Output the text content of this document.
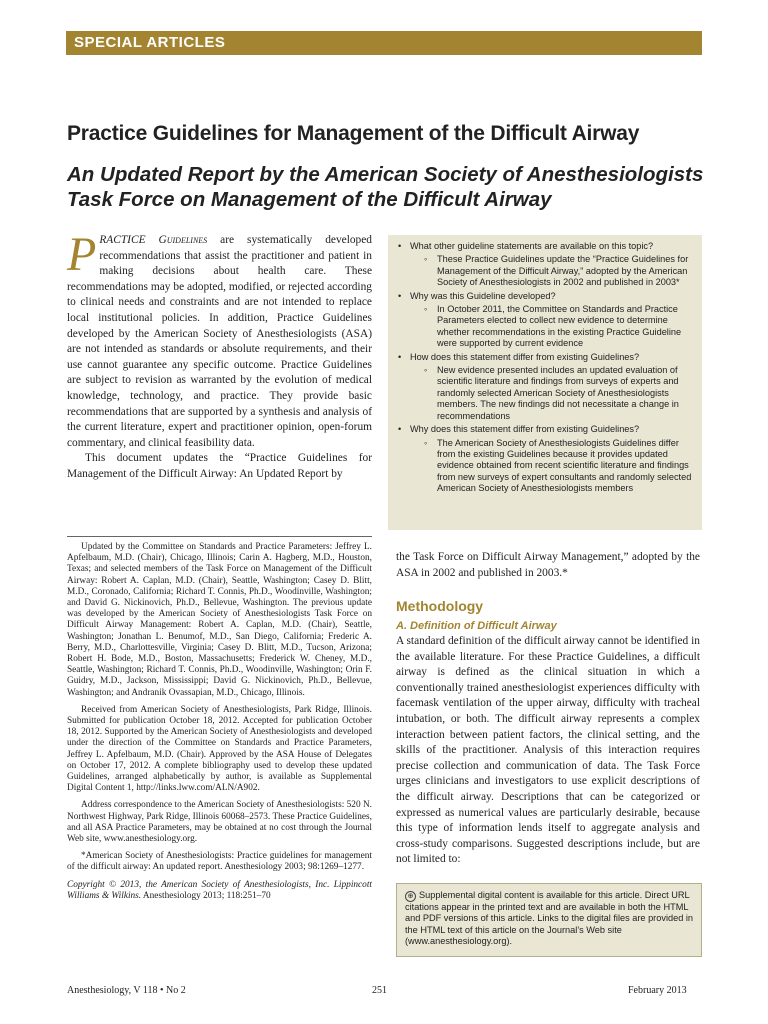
SPECIAL ARTICLES
Practice Guidelines for Management of the Difficult Airway
An Updated Report by the American Society of Anesthesiologists
Task Force on Management of the Difficult Airway

PRACTICE Guidelines are systematically developed recommendations that assist the practitioner and patient in making decisions about health care. These recommendations may be adopted, modified, or rejected according to clinical needs and constraints and are not intended to replace local institutional policies. In addition, Practice Guidelines developed by the American Society of Anesthesiologists (ASA) are not intended as standards or absolute requirements, and their use cannot guarantee any specific outcome. Practice Guidelines are subject to revision as warranted by the evolution of medical knowledge, technology, and practice. They provide basic recommendations that are supported by a synthesis and analysis of the current literature, expert and practitioner opinion, open-forum commentary, and clinical feasibility data.

This document updates the “Practice Guidelines for Management of the Difficult Airway: An Updated Report by

Updated by the Committee on Standards and Practice Parameters: Jeffrey L. Apfelbaum, M.D. (Chair), Chicago, Illinois; Carin A. Hagberg, M.D., Houston, Texas; and selected members of the Task Force on Management of the Difficult Airway: Robert A. Caplan, M.D. (Chair), Seattle, Washington; Casey D. Blitt, M.D., Coronado, California; Richard T. Connis, Ph.D., Woodinville, Washington; and David G. Nickinovich, Ph.D., Bellevue, Washington. The previous update was developed by the American Society of Anesthesiologists Task Force on Difficult Airway Management: Robert A. Caplan, M.D. (Chair), Seattle, Washington; Jonathan L. Benumof, M.D., San Diego, California; Frederic A. Berry, M.D., Charlottesville, Virginia; Casey D. Blitt, M.D., Tucson, Arizona; Robert H. Bode, M.D., Boston, Massachusetts; Frederick W. Cheney, M.D., Seattle, Washington; Richard T. Connis, Ph.D., Woodinville, Washington; Orin F. Guidry, M.D., Jackson, Mississippi; David G. Nickinovich, Ph.D., Bellevue, Washington; and Andranik Ovassapian, M.D., Chicago, Illinois.

Received from American Society of Anesthesiologists, Park Ridge, Illinois. Submitted for publication October 18, 2012. Accepted for publication October 18, 2012. Supported by the American Society of Anesthesiologists and developed under the direction of the Committee on Standards and Practice Parameters, Jeffrey L. Apfelbaum, M.D. (Chair). Approved by the ASA House of Delegates on October 17, 2012. A complete bibliography used to develop these updated Guidelines, arranged alphabetically by author, is available as Supplemental Digital Content 1, http://links.lww.com/ALN/A902.

Address correspondence to the American Society of Anesthesiologists: 520 N. Northwest Highway, Park Ridge, Illinois 60068–2573. These Practice Guidelines, and all ASA Practice Parameters, may be obtained at no cost through the Journal Web site, www.anesthesiology.org.

*American Society of Anesthesiologists: Practice guidelines for management of the difficult airway: An updated report. Anesthesiology 2003; 98:1269–1277.

Copyright © 2013, the American Society of Anesthesiologists, Inc. Lippincott Williams & Wilkins. Anesthesiology 2013; 118:251–70

• What other guideline statements are available on this topic?
◦ These Practice Guidelines update the “Practice Guidelines for Management of the Difficult Airway,” adopted by the American Society of Anesthesiologists in 2002 and published in 2003*
• Why was this Guideline developed?
◦ In October 2011, the Committee on Standards and Practice Parameters elected to collect new evidence to determine whether recommendations in the existing Practice Guideline were supported by current evidence
• How does this statement differ from existing Guidelines?
◦ New evidence presented includes an updated evaluation of scientific literature and findings from surveys of experts and randomly selected American Society of Anesthesiologists members. The new findings did not necessitate a change in recommendations
• Why does this statement differ from existing Guidelines?
◦ The American Society of Anesthesiologists Guidelines differ from the existing Guidelines because it provides updated evidence obtained from recent scientific literature and findings from new surveys of expert consultants and randomly selected American Society of Anesthesiologists members

the Task Force on Difficult Airway Management,” adopted by the ASA in 2002 and published in 2003.*

Methodology
A. Definition of Difficult Airway

A standard definition of the difficult airway cannot be identified in the available literature. For these Practice Guidelines, a difficult airway is defined as the clinical situation in which a conventionally trained anesthesiologist experiences difficulty with facemask ventilation of the upper airway, difficulty with tracheal intubation, or both. The difficult airway represents a complex interaction between patient factors, the clinical setting, and the skills of the practitioner. Analysis of this interaction requires precise collection and communication of data. The Task Force urges clinicians and investigators to use explicit descriptions of the difficult airway. Descriptions that can be categorized or expressed as numerical values are particularly desirable, because this type of information lends itself to aggregate analysis and cross-study comparisons. Suggested descriptions include, but are not limited to:

⊕ Supplemental digital content is available for this article. Direct URL citations appear in the printed text and are available in both the HTML and PDF versions of this article. Links to the digital files are provided in the HTML text of this article on the Journal’s Web site (www.anesthesiology.org).

Anesthesiology, V 118 • No 2	251	February 2013
